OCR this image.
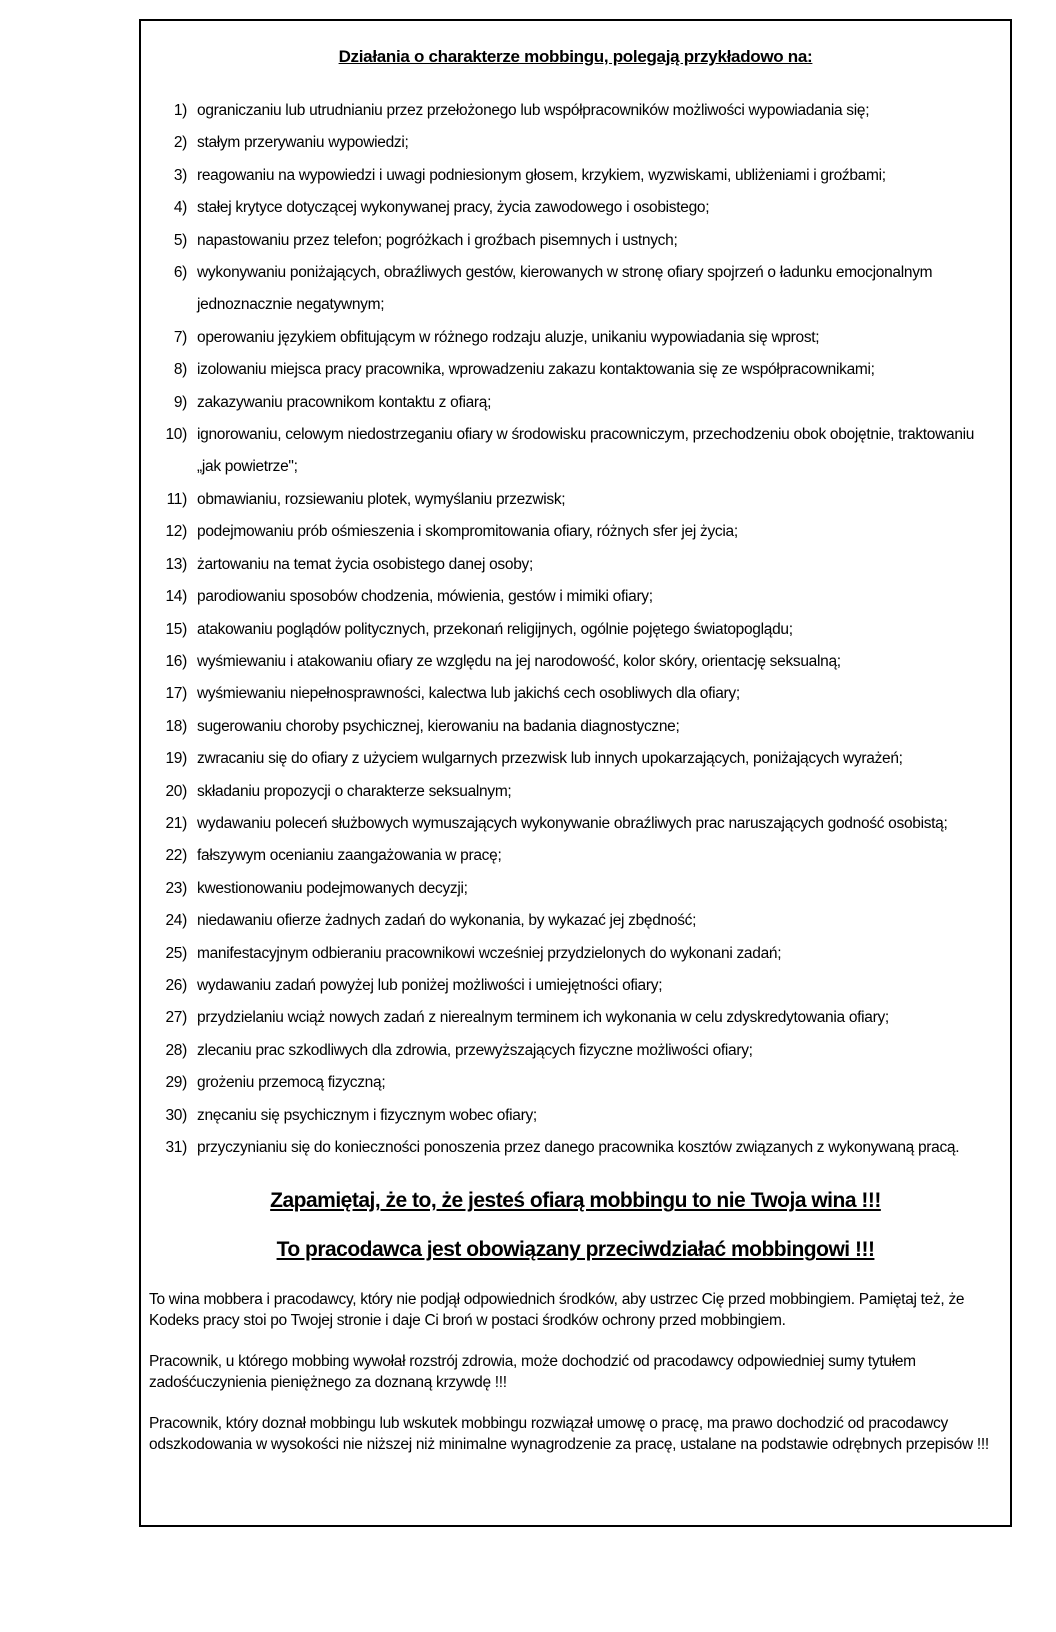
Działania o charakterze mobbingu, polegają przykładowo na:
1) ograniczaniu lub utrudnianiu przez przełożonego lub współpracowników możliwości wypowiadania się;
2) stałym przerywaniu wypowiedzi;
3) reagowaniu na wypowiedzi i uwagi podniesionym głosem, krzykiem, wyzwiskami, ubliżeniami i groźbami;
4) stałej krytyce dotyczącej wykonywanej pracy, życia zawodowego i osobistego;
5) napastowaniu przez telefon; pogróżkach i groźbach pisemnych i ustnych;
6) wykonywaniu poniżających, obraźliwych gestów, kierowanych w stronę ofiary spojrzeń o ładunku emocjonalnym jednoznacznie negatywnym;
7) operowaniu językiem obfitującym w różnego rodzaju aluzje, unikaniu wypowiadania się wprost;
8) izolowaniu miejsca pracy pracownika, wprowadzeniu zakazu kontaktowania się ze współpracownikami;
9) zakazywaniu pracownikom kontaktu z ofiarą;
10) ignorowaniu, celowym niedostrzeganiu ofiary w środowisku pracowniczym, przechodzeniu obok obojętnie, traktowaniu „jak powietrze";
11) obmawianiu, rozsiewaniu plotek, wymyślaniu przezwisk;
12) podejmowaniu prób ośmieszenia i skompromitowania ofiary, różnych sfer jej życia;
13) żartowaniu na temat życia osobistego danej osoby;
14) parodiowaniu sposobów chodzenia, mówienia, gestów i mimiki ofiary;
15) atakowaniu poglądów politycznych, przekonań religijnych, ogólnie pojętego światopoglądu;
16) wyśmiewaniu i atakowaniu ofiary ze względu na jej narodowość, kolor skóry, orientację seksualną;
17) wyśmiewaniu niepełnosprawności, kalectwa lub jakichś cech osobliwych dla ofiary;
18) sugerowaniu choroby psychicznej, kierowaniu na badania diagnostyczne;
19) zwracaniu się do ofiary z użyciem wulgarnych przezwisk lub innych upokarzających, poniżających wyrażeń;
20) składaniu propozycji o charakterze seksualnym;
21) wydawaniu poleceń służbowych wymuszających wykonywanie obraźliwych prac naruszających godność osobistą;
22) fałszywym ocenianiu zaangażowania w pracę;
23) kwestionowaniu podejmowanych decyzji;
24) niedawaniu ofierze żadnych zadań do wykonania, by wykazać jej zbędność;
25) manifestacyjnym odbieraniu pracownikowi wcześniej przydzielonych do wykonani zadań;
26) wydawaniu zadań powyżej lub poniżej możliwości i umiejętności ofiary;
27) przydzielaniu wciąż nowych zadań z nierealnym terminem ich wykonania w celu zdyskredytowania ofiary;
28) zlecaniu prac szkodliwych dla zdrowia, przewyższających fizyczne możliwości ofiary;
29) grożeniu przemocą fizyczną;
30) znęcaniu się psychicznym i fizycznym wobec ofiary;
31) przyczynianiu się do konieczności ponoszenia przez danego pracownika kosztów związanych z wykonywaną pracą.
Zapamiętaj, że to, że jesteś ofiarą mobbingu to nie Twoja wina !!!
To pracodawca jest obowiązany przeciwdziałać mobbingowi !!!

To wina mobbera i pracodawcy, który nie podjął odpowiednich środków, aby ustrzec Cię przed mobbingiem. Pamiętaj też, że Kodeks pracy stoi po Twojej stronie i daje Ci broń w postaci środków ochrony przed mobbingiem.

Pracownik, u którego mobbing wywołał rozstrój zdrowia, może dochodzić od pracodawcy odpowiedniej sumy tytułem zadośćuczynienia pieniężnego za doznaną krzywdę !!!

Pracownik, który doznał mobbingu lub wskutek mobbingu rozwiązał umowę o pracę, ma prawo dochodzić od pracodawcy odszkodowania w wysokości nie niższej niż minimalne wynagrodzenie za pracę, ustalane na podstawie odrębnych przepisów !!!
